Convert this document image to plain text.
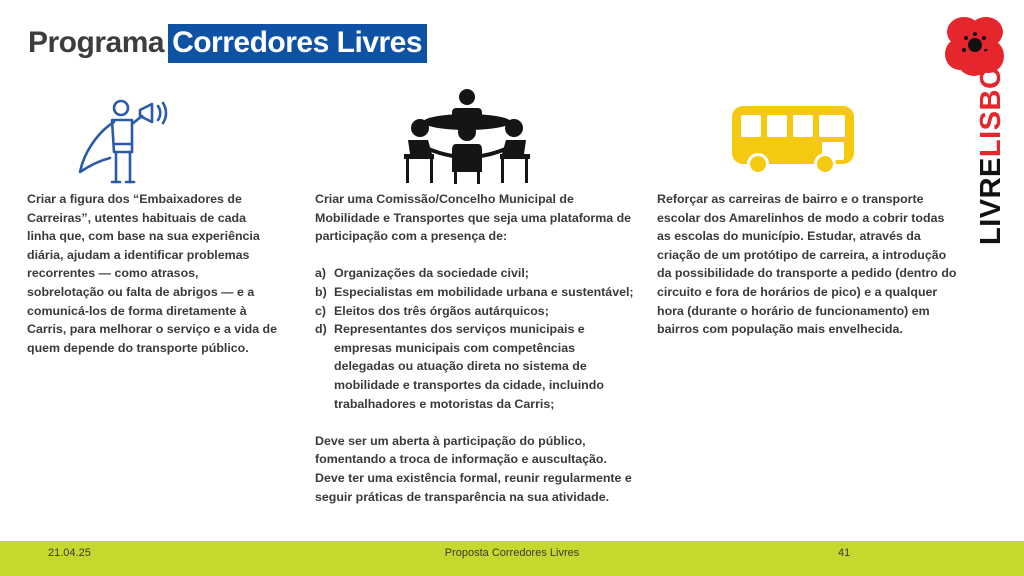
Programa Corredores Livres

Criar a figura dos “Embaixadores de Carreiras”, utentes habituais de cada linha que, com base na sua experiência diária, ajudam a identificar problemas recorrentes — como atrasos, sobrelotação ou falta de abrigos — e a comunicá-los de forma diretamente à Carris, para melhorar o serviço e a vida de quem depende do transporte público.

Criar uma Comissão/Concelho Municipal de Mobilidade e Transportes que seja uma plataforma de participação com a presença de:

a) Organizações da sociedade civil;
b) Especialistas em mobilidade urbana e sustentável;
c) Eleitos dos três órgãos autárquicos;
d) Representantes dos serviços municipais e empresas municipais com competências delegadas ou atuação direta no sistema de mobilidade e transportes da cidade, incluindo trabalhadores e motoristas da Carris;

Deve ser um aberta à participação do público, fomentando a troca de informação e auscultação. Deve ter uma existência formal, reunir regularmente e seguir práticas de transparência na sua atividade.

Reforçar as carreiras de bairro e o transporte escolar dos Amarelinhos de modo a cobrir todas as escolas do município. Estudar, através da criação de um protótipo de carreira, a introdução da possibilidade do transporte a pedido (dentro do circuito e fora de horários de pico) e a qualquer hora (durante o horário de funcionamento) em bairros com população mais envelhecida.

LIVRELISBOA
Proposta Corredores Livres
21.04.25	41
